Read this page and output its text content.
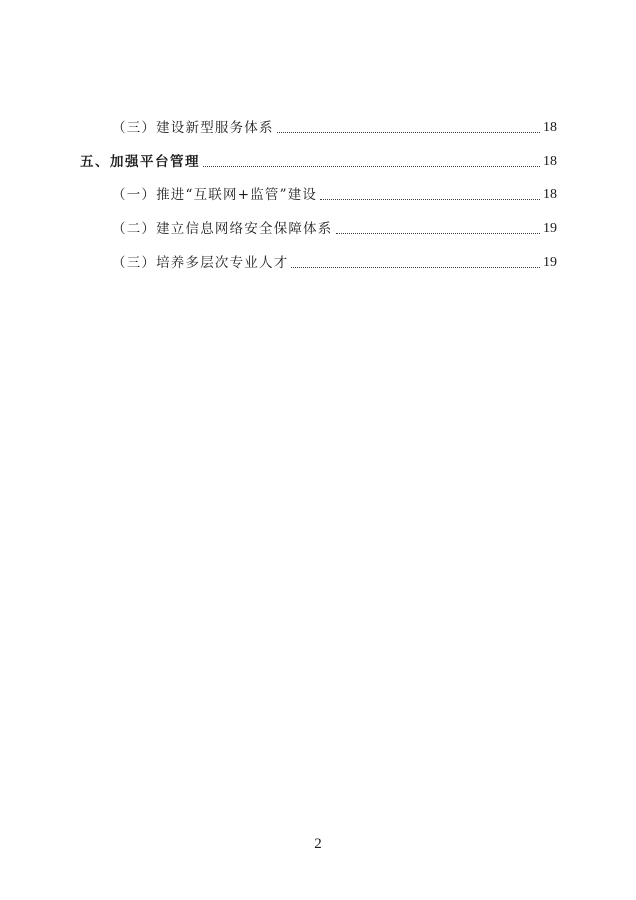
（三）建设新型服务体系	18
五、加强平台管理	18
（一）推进“互联网+监管”建设	18
（二）建立信息网络安全保障体系	19
（三）培养多层次专业人才	19
2
